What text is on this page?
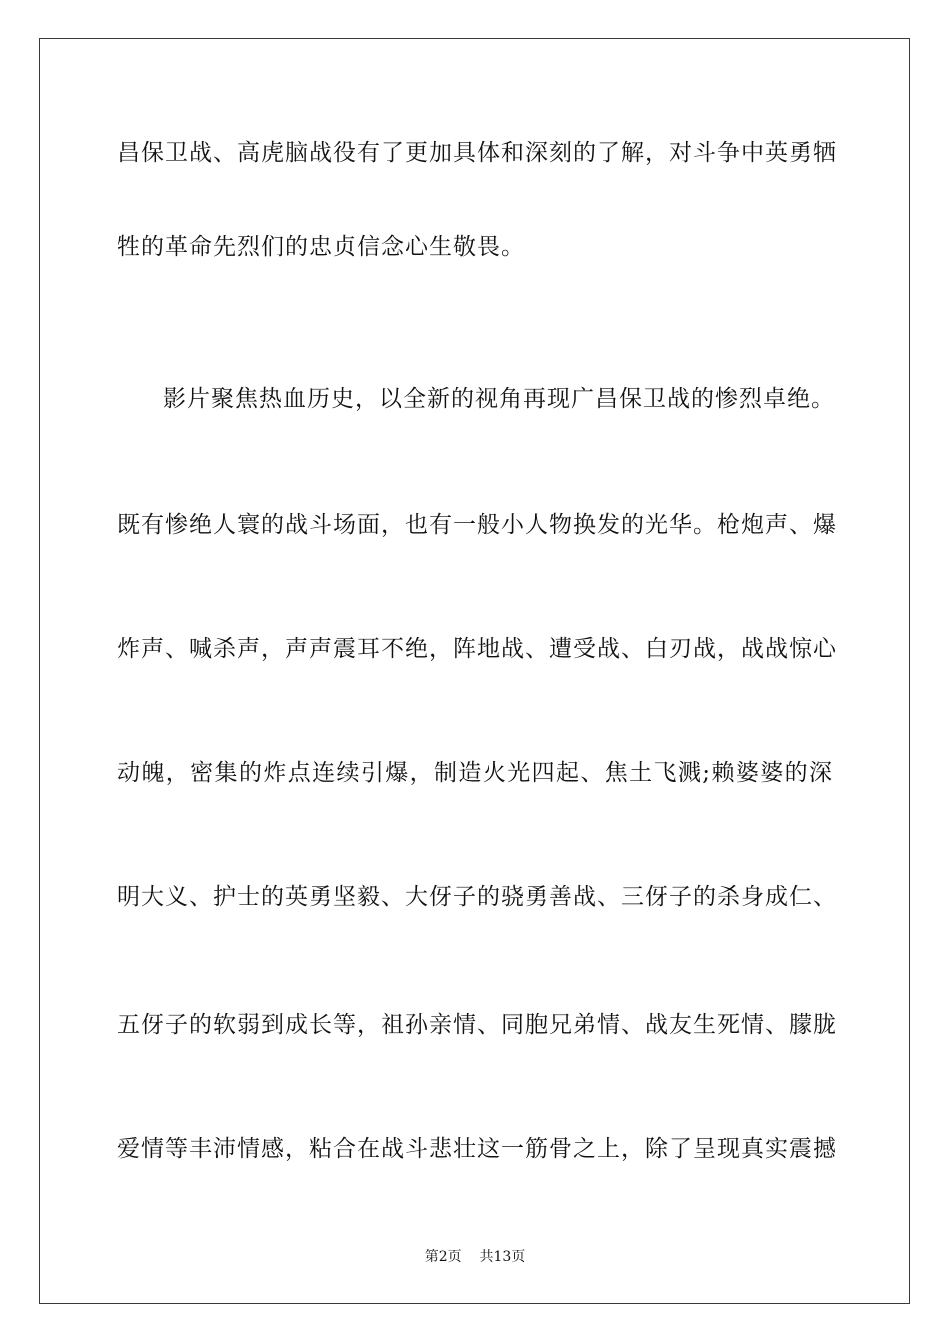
昌保卫战、高虎脑战役有了更加具体和深刻的了解，对斗争中英勇牺
牲的革命先烈们的忠贞信念心生敬畏。
影片聚焦热血历史，以全新的视角再现广昌保卫战的惨烈卓绝。
既有惨绝人寰的战斗场面，也有一般小人物换发的光华。枪炮声、爆
炸声、喊杀声，声声震耳不绝，阵地战、遭受战、白刃战，战战惊心
动魄，密集的炸点连续引爆，制造火光四起、焦土飞溅;赖婆婆的深
明大义、护士的英勇坚毅、大伢子的骁勇善战、三伢子的杀身成仁、
五伢子的软弱到成长等，祖孙亲情、同胞兄弟情、战友生死情、朦胧
爱情等丰沛情感，粘合在战斗悲壮这一筋骨之上，除了呈现真实震撼
第2页 共13页
